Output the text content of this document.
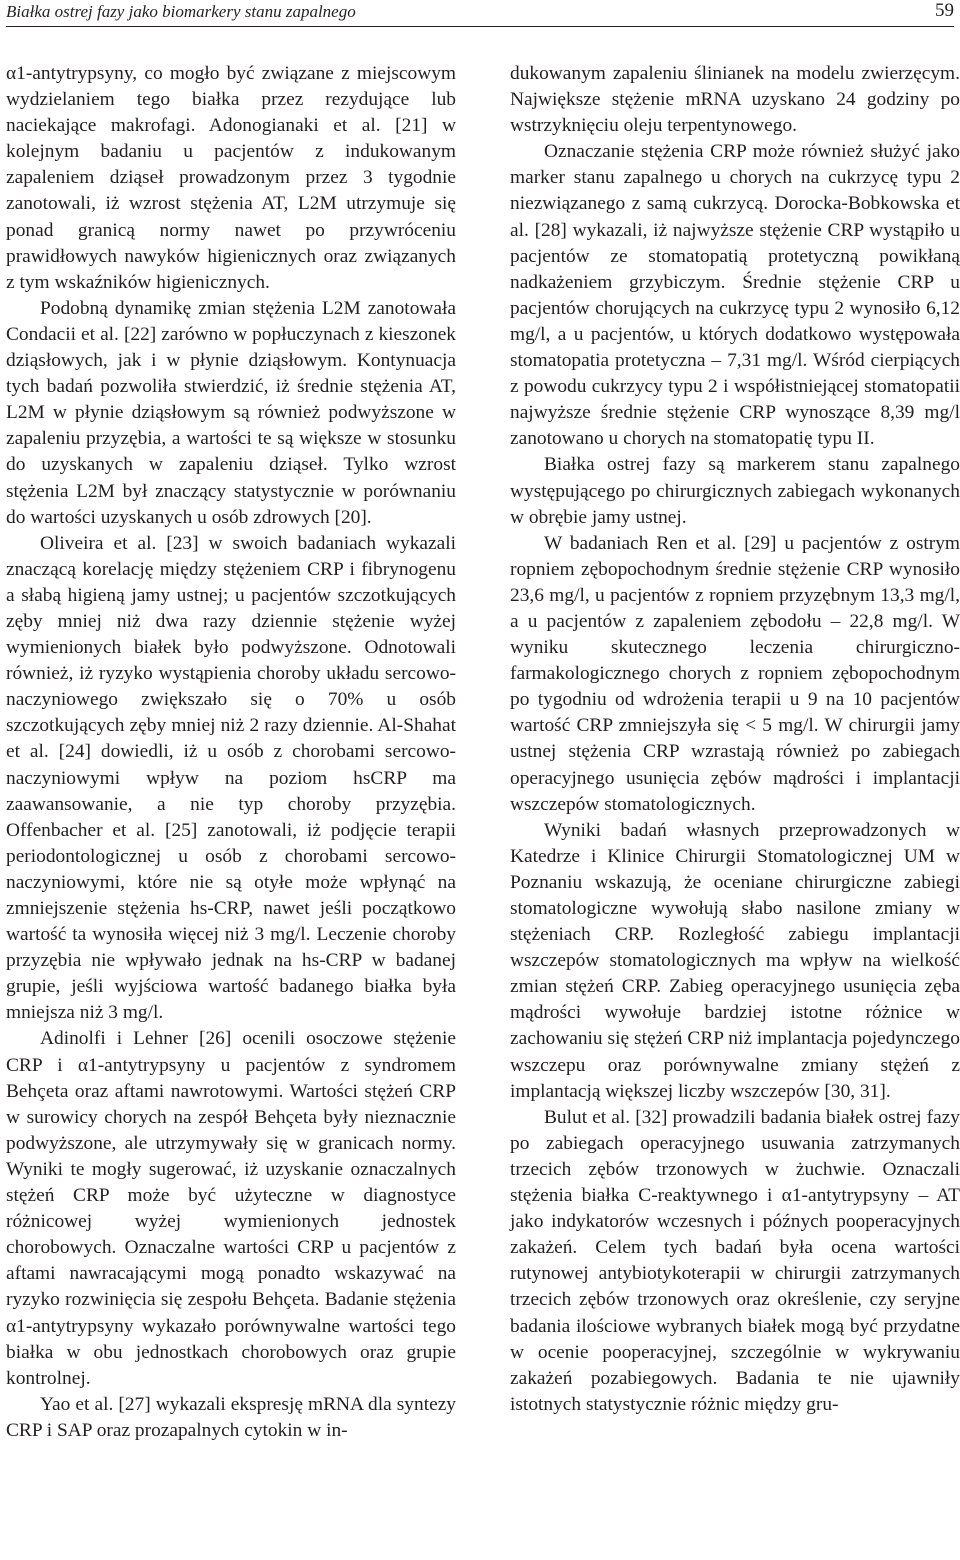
Białka ostrej fazy jako biomarkery stanu zapalnego	59

α1-antytrypsyny, co mogło być związane z miejscowym wydzielaniem tego białka przez rezydujące lub naciekające makrofagi. Adonogianaki et al. [21] w kolejnym badaniu u pacjentów z indukowanym zapaleniem dziąseł prowadzonym przez 3 tygodnie zanotowali, iż wzrost stężenia AT, L2M utrzymuje się ponad granicą normy nawet po przywróceniu prawidłowych nawyków higienicznych oraz związanych z tym wskaźników higienicznych.

Podobną dynamikę zmian stężenia L2M zanotowała Condacii et al. [22] zarówno w popłuczynach z kieszonek dziąsłowych, jak i w płynie dziąsłowym. Kontynuacja tych badań pozwoliła stwierdzić, iż średnie stężenia AT, L2M w płynie dziąsłowym są również podwyższone w zapaleniu przyzębia, a wartości te są większe w stosunku do uzyskanych w zapaleniu dziąseł. Tylko wzrost stężenia L2M był znaczący statystycznie w porównaniu do wartości uzyskanych u osób zdrowych [20].

Oliveira et al. [23] w swoich badaniach wykazali znaczącą korelację między stężeniem CRP i fibrynogenu a słabą higieną jamy ustnej; u pacjentów szczotkujących zęby mniej niż dwa razy dziennie stężenie wyżej wymienionych białek było podwyższone. Odnotowali również, iż ryzyko wystąpienia choroby układu sercowo-naczyniowego zwiększało się o 70% u osób szczotkujących zęby mniej niż 2 razy dziennie. Al-Shahat et al. [24] dowiedli, iż u osób z chorobami sercowo-naczyniowymi wpływ na poziom hsCRP ma zaawansowanie, a nie typ choroby przyzębia. Offenbacher et al. [25] zanotowali, iż podjęcie terapii periodontologicznej u osób z chorobami sercowo-naczyniowymi, które nie są otyłe może wpłynąć na zmniejszenie stężenia hs-CRP, nawet jeśli początkowo wartość ta wynosiła więcej niż 3 mg/l. Leczenie choroby przyzębia nie wpływało jednak na hs-CRP w badanej grupie, jeśli wyjściowa wartość badanego białka była mniejsza niż 3 mg/l.

Adinolfi i Lehner [26] ocenili osoczowe stężenie CRP i α1-antytrypsyny u pacjentów z syndromem Behçeta oraz aftami nawrotowymi. Wartości stężeń CRP w surowicy chorych na zespół Behçeta były nieznacznie podwyższone, ale utrzymywały się w granicach normy. Wyniki te mogły sugerować, iż uzyskanie oznaczalnych stężeń CRP może być użyteczne w diagnostyce różnicowej wyżej wymienionych jednostek chorobowych. Oznaczalne wartości CRP u pacjentów z aftami nawracającymi mogą ponadto wskazywać na ryzyko rozwinięcia się zespołu Behçeta. Badanie stężenia α1-antytrypsyny wykazało porównywalne wartości tego białka w obu jednostkach chorobowych oraz grupie kontrolnej.

Yao et al. [27] wykazali ekspresję mRNA dla syntezy CRP i SAP oraz prozapalnych cytokin w in-

dukowanym zapaleniu ślinianek na modelu zwierzęcym. Największe stężenie mRNA uzyskano 24 godziny po wstrzyknięciu oleju terpentynowego.

Oznaczanie stężenia CRP może również służyć jako marker stanu zapalnego u chorych na cukrzycę typu 2 niezwiązanego z samą cukrzycą. Dorocka-Bobkowska et al. [28] wykazali, iż najwyższe stężenie CRP wystąpiło u pacjentów ze stomatopatią protetyczną powikłaną nadkażeniem grzybiczym. Średnie stężenie CRP u pacjentów chorujących na cukrzycę typu 2 wynosiło 6,12 mg/l, a u pacjentów, u których dodatkowo występowała stomatopatia protetyczna – 7,31 mg/l. Wśród cierpiących z powodu cukrzycy typu 2 i współistniejącej stomatopatii najwyższe średnie stężenie CRP wynoszące 8,39 mg/l zanotowano u chorych na stomatopatię typu II.

Białka ostrej fazy są markerem stanu zapalnego występującego po chirurgicznych zabiegach wykonanych w obrębie jamy ustnej.

W badaniach Ren et al. [29] u pacjentów z ostrym ropniem zębopochodnym średnie stężenie CRP wynosiło 23,6 mg/l, u pacjentów z ropniem przyzębnym 13,3 mg/l, a u pacjentów z zapaleniem zębodołu – 22,8 mg/l. W wyniku skutecznego leczenia chirurgiczno-farmakologicznego chorych z ropniem zębopochodnym po tygodniu od wdrożenia terapii u 9 na 10 pacjentów wartość CRP zmniejszyła się < 5 mg/l. W chirurgii jamy ustnej stężenia CRP wzrastają również po zabiegach operacyjnego usunięcia zębów mądrości i implantacji wszczepów stomatologicznych.

Wyniki badań własnych przeprowadzonych w Katedrze i Klinice Chirurgii Stomatologicznej UM w Poznaniu wskazują, że oceniane chirurgiczne zabiegi stomatologiczne wywołują słabo nasilone zmiany w stężeniach CRP. Rozległość zabiegu implantacji wszczepów stomatologicznych ma wpływ na wielkość zmian stężeń CRP. Zabieg operacyjnego usunięcia zęba mądrości wywołuje bardziej istotne różnice w zachowaniu się stężeń CRP niż implantacja pojedynczego wszczepu oraz porównywalne zmiany stężeń z implantacją większej liczby wszczepów [30, 31].

Bulut et al. [32] prowadzili badania białek ostrej fazy po zabiegach operacyjnego usuwania zatrzymanych trzecich zębów trzonowych w żuchwie. Oznaczali stężenia białka C-reaktywnego i α1-antytrypsyny – AT jako indykatorów wczesnych i późnych pooperacyjnych zakażeń. Celem tych badań była ocena wartości rutynowej antybiotykoterapii w chirurgii zatrzymanych trzecich zębów trzonowych oraz określenie, czy seryjne badania ilościowe wybranych białek mogą być przydatne w ocenie pooperacyjnej, szczególnie w wykrywaniu zakażeń pozabiegowych. Badania te nie ujawniły istotnych statystycznie różnic między gru-
